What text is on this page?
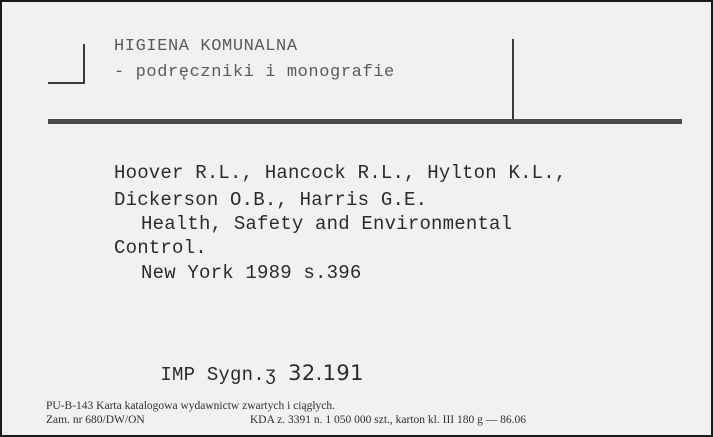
HIGIENA KOMUNALNA
- podręczniki i monografie
Hoover R.L., Hancock R.L., Hylton K.L.,
Dickerson O.B., Harris G.E.
Health, Safety and Environmental
Control.
New York 1989 s.396

IMP Sygn.ʒ 32.191

PU-B-143 Karta katalogowa wydawnictw zwartych i ciągłych.
Zam. nr 680/DW/ON	KDA z. 3391 n. 1 050 000 szt., karton kl. III 180 g — 86.06
